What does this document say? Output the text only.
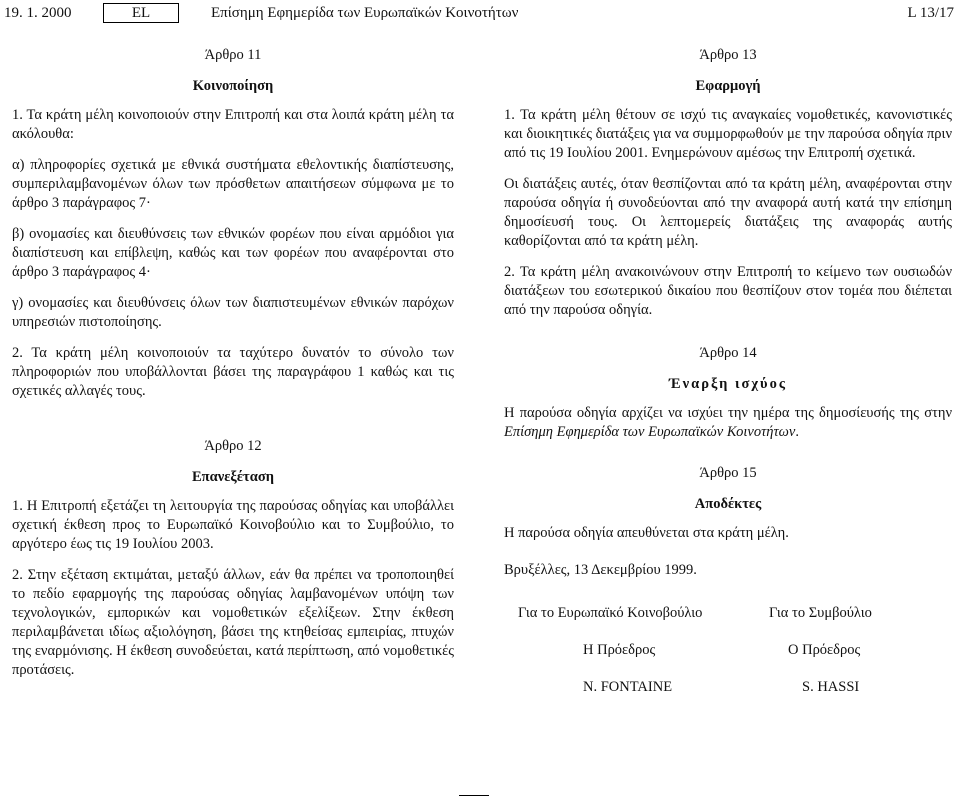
19. 1. 2000	EL	Επίσημη Εφημερίδα των Ευρωπαϊκών Κοινοτήτων	L 13/17
Άρθρο 11
Κοινοποίηση

1. Τα κράτη μέλη κοινοποιούν στην Επιτροπή και στα λοιπά κράτη μέλη τα ακόλουθα:

α) πληροφορίες σχετικά με εθνικά συστήματα εθελοντικής διαπίστευσης, συμπεριλαμβανομένων όλων των πρόσθετων απαιτήσεων σύμφωνα με το άρθρο 3 παράγραφος 7·

β) ονομασίες και διευθύνσεις των εθνικών φορέων που είναι αρμόδιοι για διαπίστευση και επίβλεψη, καθώς και των φορέων που αναφέρονται στο άρθρο 3 παράγραφος 4·

γ) ονομασίες και διευθύνσεις όλων των διαπιστευμένων εθνικών παρόχων υπηρεσιών πιστοποίησης.

2. Τα κράτη μέλη κοινοποιούν τα ταχύτερο δυνατόν το σύνολο των πληροφοριών που υποβάλλονται βάσει της παραγράφου 1 καθώς και τις σχετικές αλλαγές τους.

Άρθρο 12
Επανεξέταση

1. Η Επιτροπή εξετάζει τη λειτουργία της παρούσας οδηγίας και υποβάλλει σχετική έκθεση προς το Ευρωπαϊκό Κοινοβούλιο και το Συμβούλιο, το αργότερο έως τις 19 Ιουλίου 2003.

2. Στην εξέταση εκτιμάται, μεταξύ άλλων, εάν θα πρέπει να τροποποιηθεί το πεδίο εφαρμογής της παρούσας οδηγίας λαμβανομένων υπόψη των τεχνολογικών, εμπορικών και νομοθετικών εξελίξεων. Στην έκθεση περιλαμβάνεται ιδίως αξιολόγηση, βάσει της κτηθείσας εμπειρίας, πτυχών της εναρμόνισης. Η έκθεση συνοδεύεται, κατά περίπτωση, από νομοθετικές προτάσεις.

Άρθρο 13
Εφαρμογή

1. Τα κράτη μέλη θέτουν σε ισχύ τις αναγκαίες νομοθετικές, κανονιστικές και διοικητικές διατάξεις για να συμμορφωθούν με την παρούσα οδηγία πριν από τις 19 Ιουλίου 2001. Ενημερώνουν αμέσως την Επιτροπή σχετικά.

Οι διατάξεις αυτές, όταν θεσπίζονται από τα κράτη μέλη, αναφέρονται στην παρούσα οδηγία ή συνοδεύονται από την αναφορά αυτή κατά την επίσημη δημοσίευσή τους. Οι λεπτομερείς διατάξεις της αναφοράς αυτής καθορίζονται από τα κράτη μέλη.

2. Τα κράτη μέλη ανακοινώνουν στην Επιτροπή το κείμενο των ουσιωδών διατάξεων του εσωτερικού δικαίου που θεσπίζουν στον τομέα που διέπεται από την παρούσα οδηγία.

Άρθρο 14
Έναρξη ισχύος

Η παρούσα οδηγία αρχίζει να ισχύει την ημέρα της δημοσίευσής της στην Επίσημη Εφημερίδα των Ευρωπαϊκών Κοινοτήτων.

Άρθρο 15
Αποδέκτες

Η παρούσα οδηγία απευθύνεται στα κράτη μέλη.

Βρυξέλλες, 13 Δεκεμβρίου 1999.

Για το Ευρωπαϊκό Κοινοβούλιο
Η Πρόεδρος
N. FONTAINE
Για το Συμβούλιο
Ο Πρόεδρος
S. HASSI
